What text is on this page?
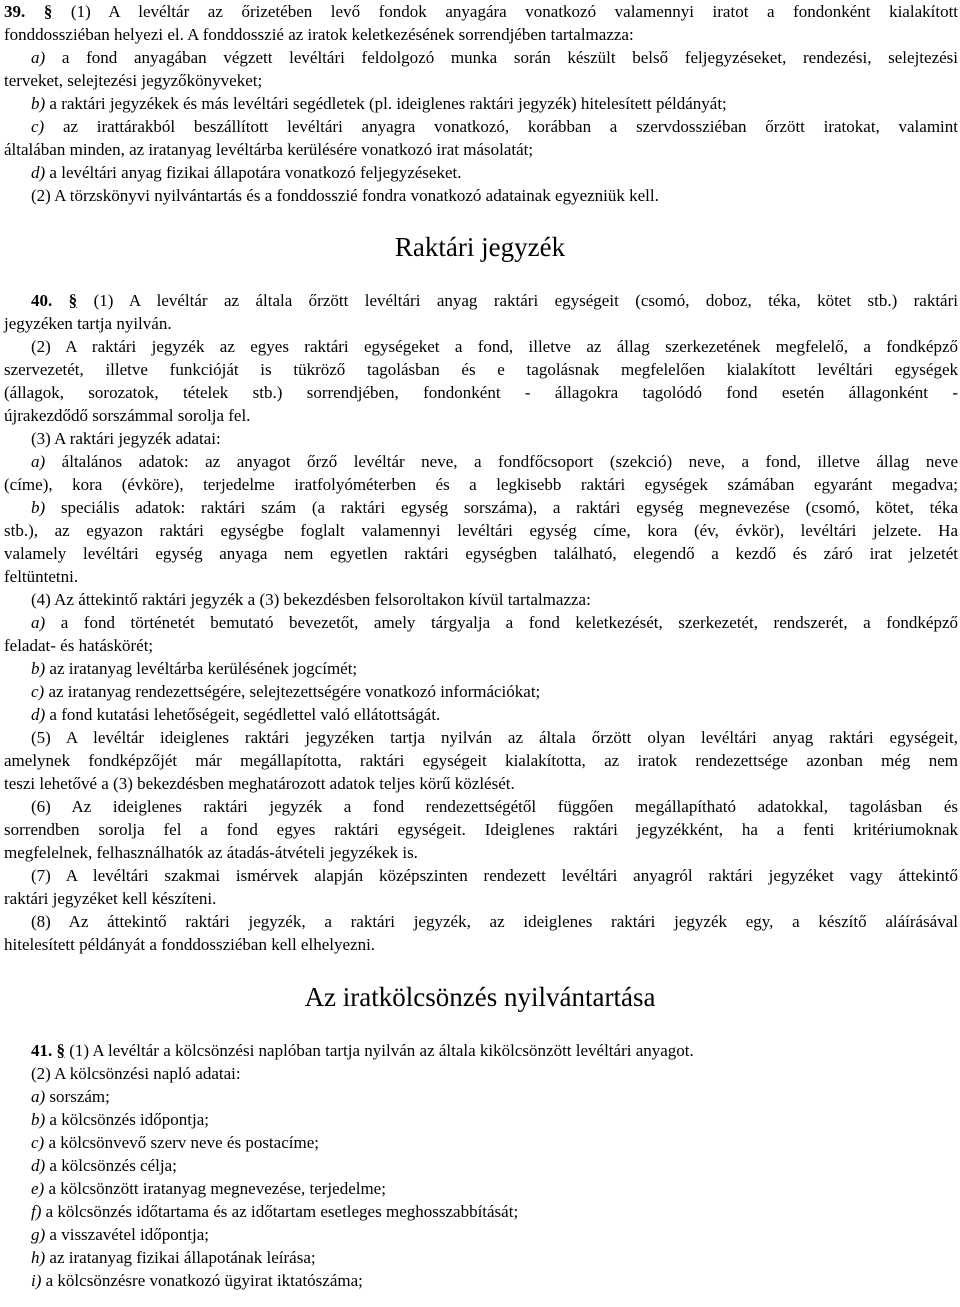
39. § (1) A levéltár az őrizetében levő fondok anyagára vonatkozó valamennyi iratot a fondonként kialakított
fonddossziéban helyezi el. A fonddosszié az iratok keletkezésének sorrendjében tartalmazza:
a) a fond anyagában végzett levéltári feldolgozó munka során készült belső feljegyzéseket, rendezési, selejtezési
terveket, selejtezési jegyzőkönyveket;
b) a raktári jegyzékek és más levéltári segédletek (pl. ideiglenes raktári jegyzék) hitelesített példányát;
c) az irattárakból beszállított levéltári anyagra vonatkozó, korábban a szervdossziéban őrzött iratokat, valamint
általában minden, az iratanyag levéltárba kerülésére vonatkozó irat másolatát;
d) a levéltári anyag fizikai állapotára vonatkozó feljegyzéseket.
(2) A törzskönyvi nyilvántartás és a fonddosszié fondra vonatkozó adatainak egyezniük kell.
Raktári jegyzék
40. § (1) A levéltár az általa őrzött levéltári anyag raktári egységeit (csomó, doboz, téka, kötet stb.) raktári
jegyzéken tartja nyilván.
(2) A raktári jegyzék az egyes raktári egységeket a fond, illetve az állag szerkezetének megfelelő, a fondképző
szervezetét, illetve funkcióját is tükröző tagolásban és e tagolásnak megfelelően kialakított levéltári egységek
(állagok, sorozatok, tételek stb.) sorrendjében, fondonként - állagokra tagolódó fond esetén állagonként -
újrakezdődő sorszámmal sorolja fel.
(3) A raktári jegyzék adatai:
a) általános adatok: az anyagot őrző levéltár neve, a fondfőcsoport (szekció) neve, a fond, illetve állag neve
(címe), kora (évköre), terjedelme iratfolyóméterben és a legkisebb raktári egységek számában egyaránt megadva;
b) speciális adatok: raktári szám (a raktári egység sorszáma), a raktári egység megnevezése (csomó, kötet, téka
stb.), az egyazon raktári egységbe foglalt valamennyi levéltári egység címe, kora (év, évkör), levéltári jelzete. Ha
valamely levéltári egység anyaga nem egyetlen raktári egységben található, elegendő a kezdő és záró irat jelzetét
feltüntetni.
(4) Az áttekintő raktári jegyzék a (3) bekezdésben felsoroltakon kívül tartalmazza:
a) a fond történetét bemutató bevezetőt, amely tárgyalja a fond keletkezését, szerkezetét, rendszerét, a fondképző
feladat- és hatáskörét;
b) az iratanyag levéltárba kerülésének jogcímét;
c) az iratanyag rendezettségére, selejtezettségére vonatkozó információkat;
d) a fond kutatási lehetőségeit, segédlettel való ellátottságát.
(5) A levéltár ideiglenes raktári jegyzéken tartja nyilván az általa őrzött olyan levéltári anyag raktári egységeit,
amelynek fondképzőjét már megállapította, raktári egységeit kialakította, az iratok rendezettsége azonban még nem
teszi lehetővé a (3) bekezdésben meghatározott adatok teljes körű közlését.
(6) Az ideiglenes raktári jegyzék a fond rendezettségétől függően megállapítható adatokkal, tagolásban és
sorrendben sorolja fel a fond egyes raktári egységeit. Ideiglenes raktári jegyzékként, ha a fenti kritériumoknak
megfelelnek, felhasználhatók az átadás-átvételi jegyzékek is.
(7) A levéltári szakmai ismérvek alapján középszinten rendezett levéltári anyagról raktári jegyzéket vagy áttekintő
raktári jegyzéket kell készíteni.
(8) Az áttekintő raktári jegyzék, a raktári jegyzék, az ideiglenes raktári jegyzék egy, a készítő aláírásával
hitelesített példányát a fonddossziéban kell elhelyezni.
Az iratkölcsönzés nyilvántartása
41. § (1) A levéltár a kölcsönzési naplóban tartja nyilván az általa kikölcsönzött levéltári anyagot.
(2) A kölcsönzési napló adatai:
a) sorszám;
b) a kölcsönzés időpontja;
c) a kölcsönvevő szerv neve és postacíme;
d) a kölcsönzés célja;
e) a kölcsönzött iratanyag megnevezése, terjedelme;
f) a kölcsönzés időtartama és az időtartam esetleges meghosszabbítását;
g) a visszavétel időpontja;
h) az iratanyag fizikai állapotának leírása;
i) a kölcsönzésre vonatkozó ügyirat iktatószáma;
